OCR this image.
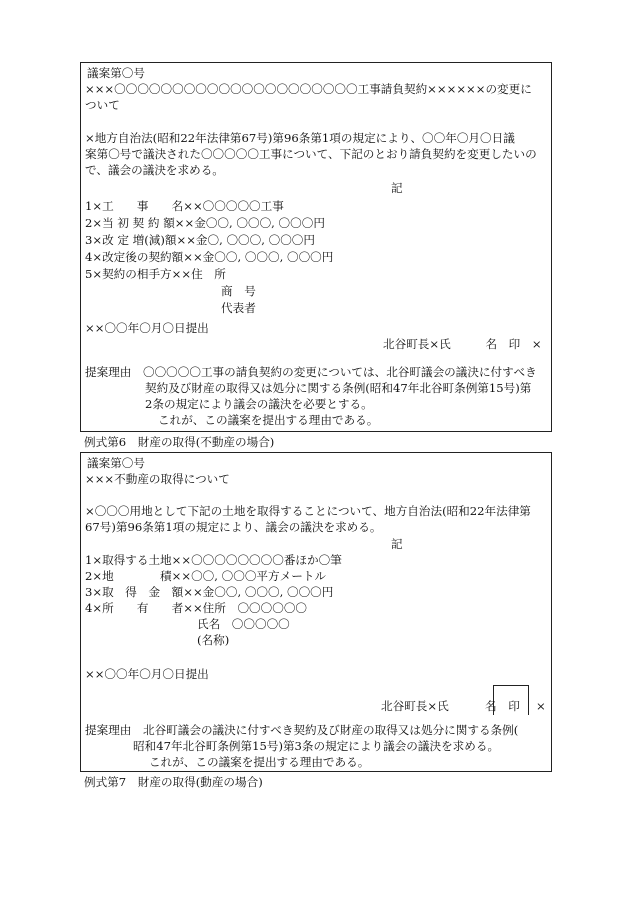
議案第〇号
×××〇〇〇〇〇〇〇〇〇〇〇〇〇〇〇〇〇〇〇〇〇工事請負契約××××××の変更に
ついて
×地方自治法(昭和22年法律第67号)第96条第1項の規定により、〇〇年〇月〇日議
案第〇号で議決された〇〇〇〇〇工事について、下記のとおり請負契約を変更したいの
で、議会の議決を求める。
記
1×工　　事　　名××〇〇〇〇〇工事
2×当 初 契 約 額××金〇〇, 〇〇〇, 〇〇〇円
3×改 定 増(減)額××金〇, 〇〇〇, 〇〇〇円
4×改定後の契約額××金〇〇, 〇〇〇, 〇〇〇円
5×契約の相手方××住　所
商　号
代表者
××〇〇年〇月〇日提出
北谷町長×氏　　　名　印　×
提案理由　〇〇〇〇〇工事の請負契約の変更については、北谷町議会の議決に付すべき
契約及び財産の取得又は処分に関する条例(昭和47年北谷町条例第15号)第
2条の規定により議会の議決を必要とする。
これが、この議案を提出する理由である。
例式第6　財産の取得(不動産の場合)
議案第〇号
×××不動産の取得について
×〇〇〇用地として下記の土地を取得することについて、地方自治法(昭和22年法律第
67号)第96条第1項の規定により、議会の議決を求める。
記
1×取得する土地××〇〇〇〇〇〇〇〇番ほか〇筆
2×地　　　　積××〇〇, 〇〇〇平方メートル
3×取　得　金　額××金〇〇, 〇〇〇, 〇〇〇円
4×所　　有　　者××住所　〇〇〇〇〇〇
氏名　〇〇〇〇〇
(名称)
××〇〇年〇月〇日提出
北谷町長×氏	名　印 ×
提案理由　北谷町議会の議決に付すべき契約及び財産の取得又は処分に関する条例(
昭和47年北谷町条例第15号)第3条の規定により議会の議決を求める。
これが、この議案を提出する理由である。
例式第7　財産の取得(動産の場合)
